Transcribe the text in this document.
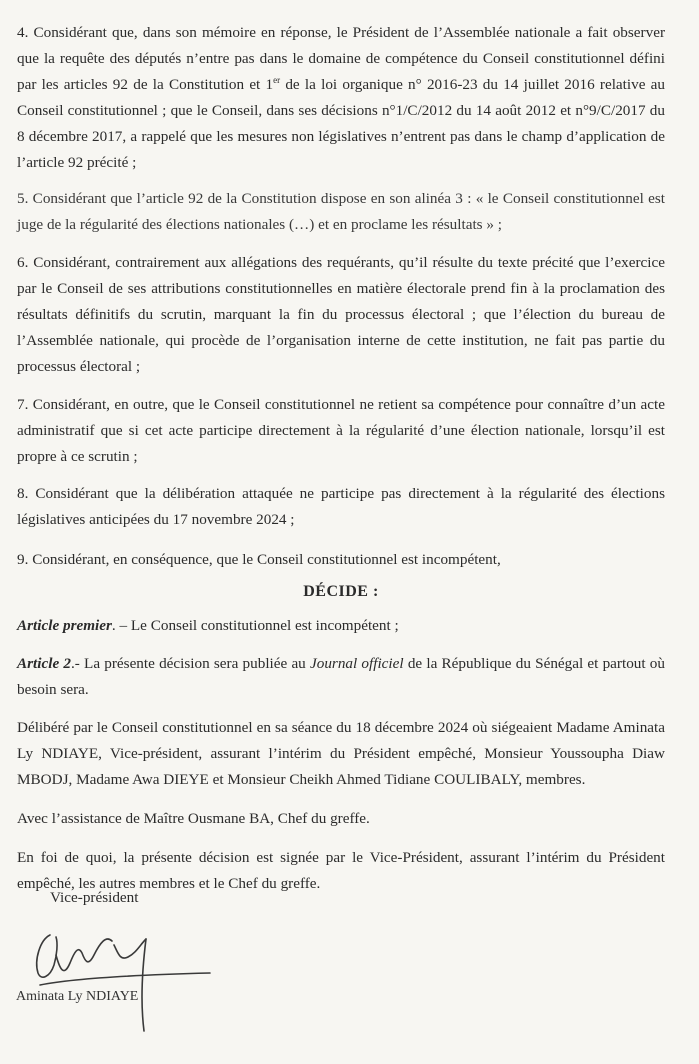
4. Considérant que, dans son mémoire en réponse, le Président de l’Assemblée nationale a fait observer que la requête des députés n’entre pas dans le domaine de compétence du Conseil constitutionnel défini par les articles 92 de la Constitution et 1er de la loi organique n° 2016-23 du 14 juillet 2016 relative au Conseil constitutionnel ; que le Conseil, dans ses décisions n°1/C/2012 du 14 août 2012 et n°9/C/2017 du 8 décembre 2017, a rappelé que les mesures non législatives n’entrent pas dans le champ d’application de l’article 92 précité ;

5. Considérant que l’article 92 de la Constitution dispose en son alinéa 3 : « le Conseil constitutionnel est juge de la régularité des élections nationales (…) et en proclame les résultats » ;

6. Considérant, contrairement aux allégations des requérants, qu’il résulte du texte précité que l’exercice par le Conseil de ses attributions constitutionnelles en matière électorale prend fin à la proclamation des résultats définitifs du scrutin, marquant la fin du processus électoral ; que l’élection du bureau de l’Assemblée nationale, qui procède de l’organisation interne de cette institution, ne fait pas partie du processus électoral ;

7. Considérant, en outre, que le Conseil constitutionnel ne retient sa compétence pour connaître d’un acte administratif que si cet acte participe directement à la régularité d’une élection nationale, lorsqu’il est propre à ce scrutin ;

8. Considérant que la délibération attaquée ne participe pas directement à la régularité des élections législatives anticipées du 17 novembre 2024 ;

9. Considérant, en conséquence, que le Conseil constitutionnel est incompétent,

DÉCIDE :

Article premier. – Le Conseil constitutionnel est incompétent ;

Article 2.- La présente décision sera publiée au Journal officiel de la République du Sénégal et partout où besoin sera.

Délibéré par le Conseil constitutionnel en sa séance du 18 décembre 2024 où siégeaient Madame Aminata Ly NDIAYE, Vice-président, assurant l’intérim du Président empêché, Monsieur Youssoupha Diaw MBODJ, Madame Awa DIEYE et Monsieur Cheikh Ahmed Tidiane COULIBALY, membres.

Avec l’assistance de Maître Ousmane BA, Chef du greffe.

En foi de quoi, la présente décision est signée par le Vice-Président, assurant l’intérim du Président empêché, les autres membres et le Chef du greffe.

Vice-président
Aminata Ly NDIAYE
